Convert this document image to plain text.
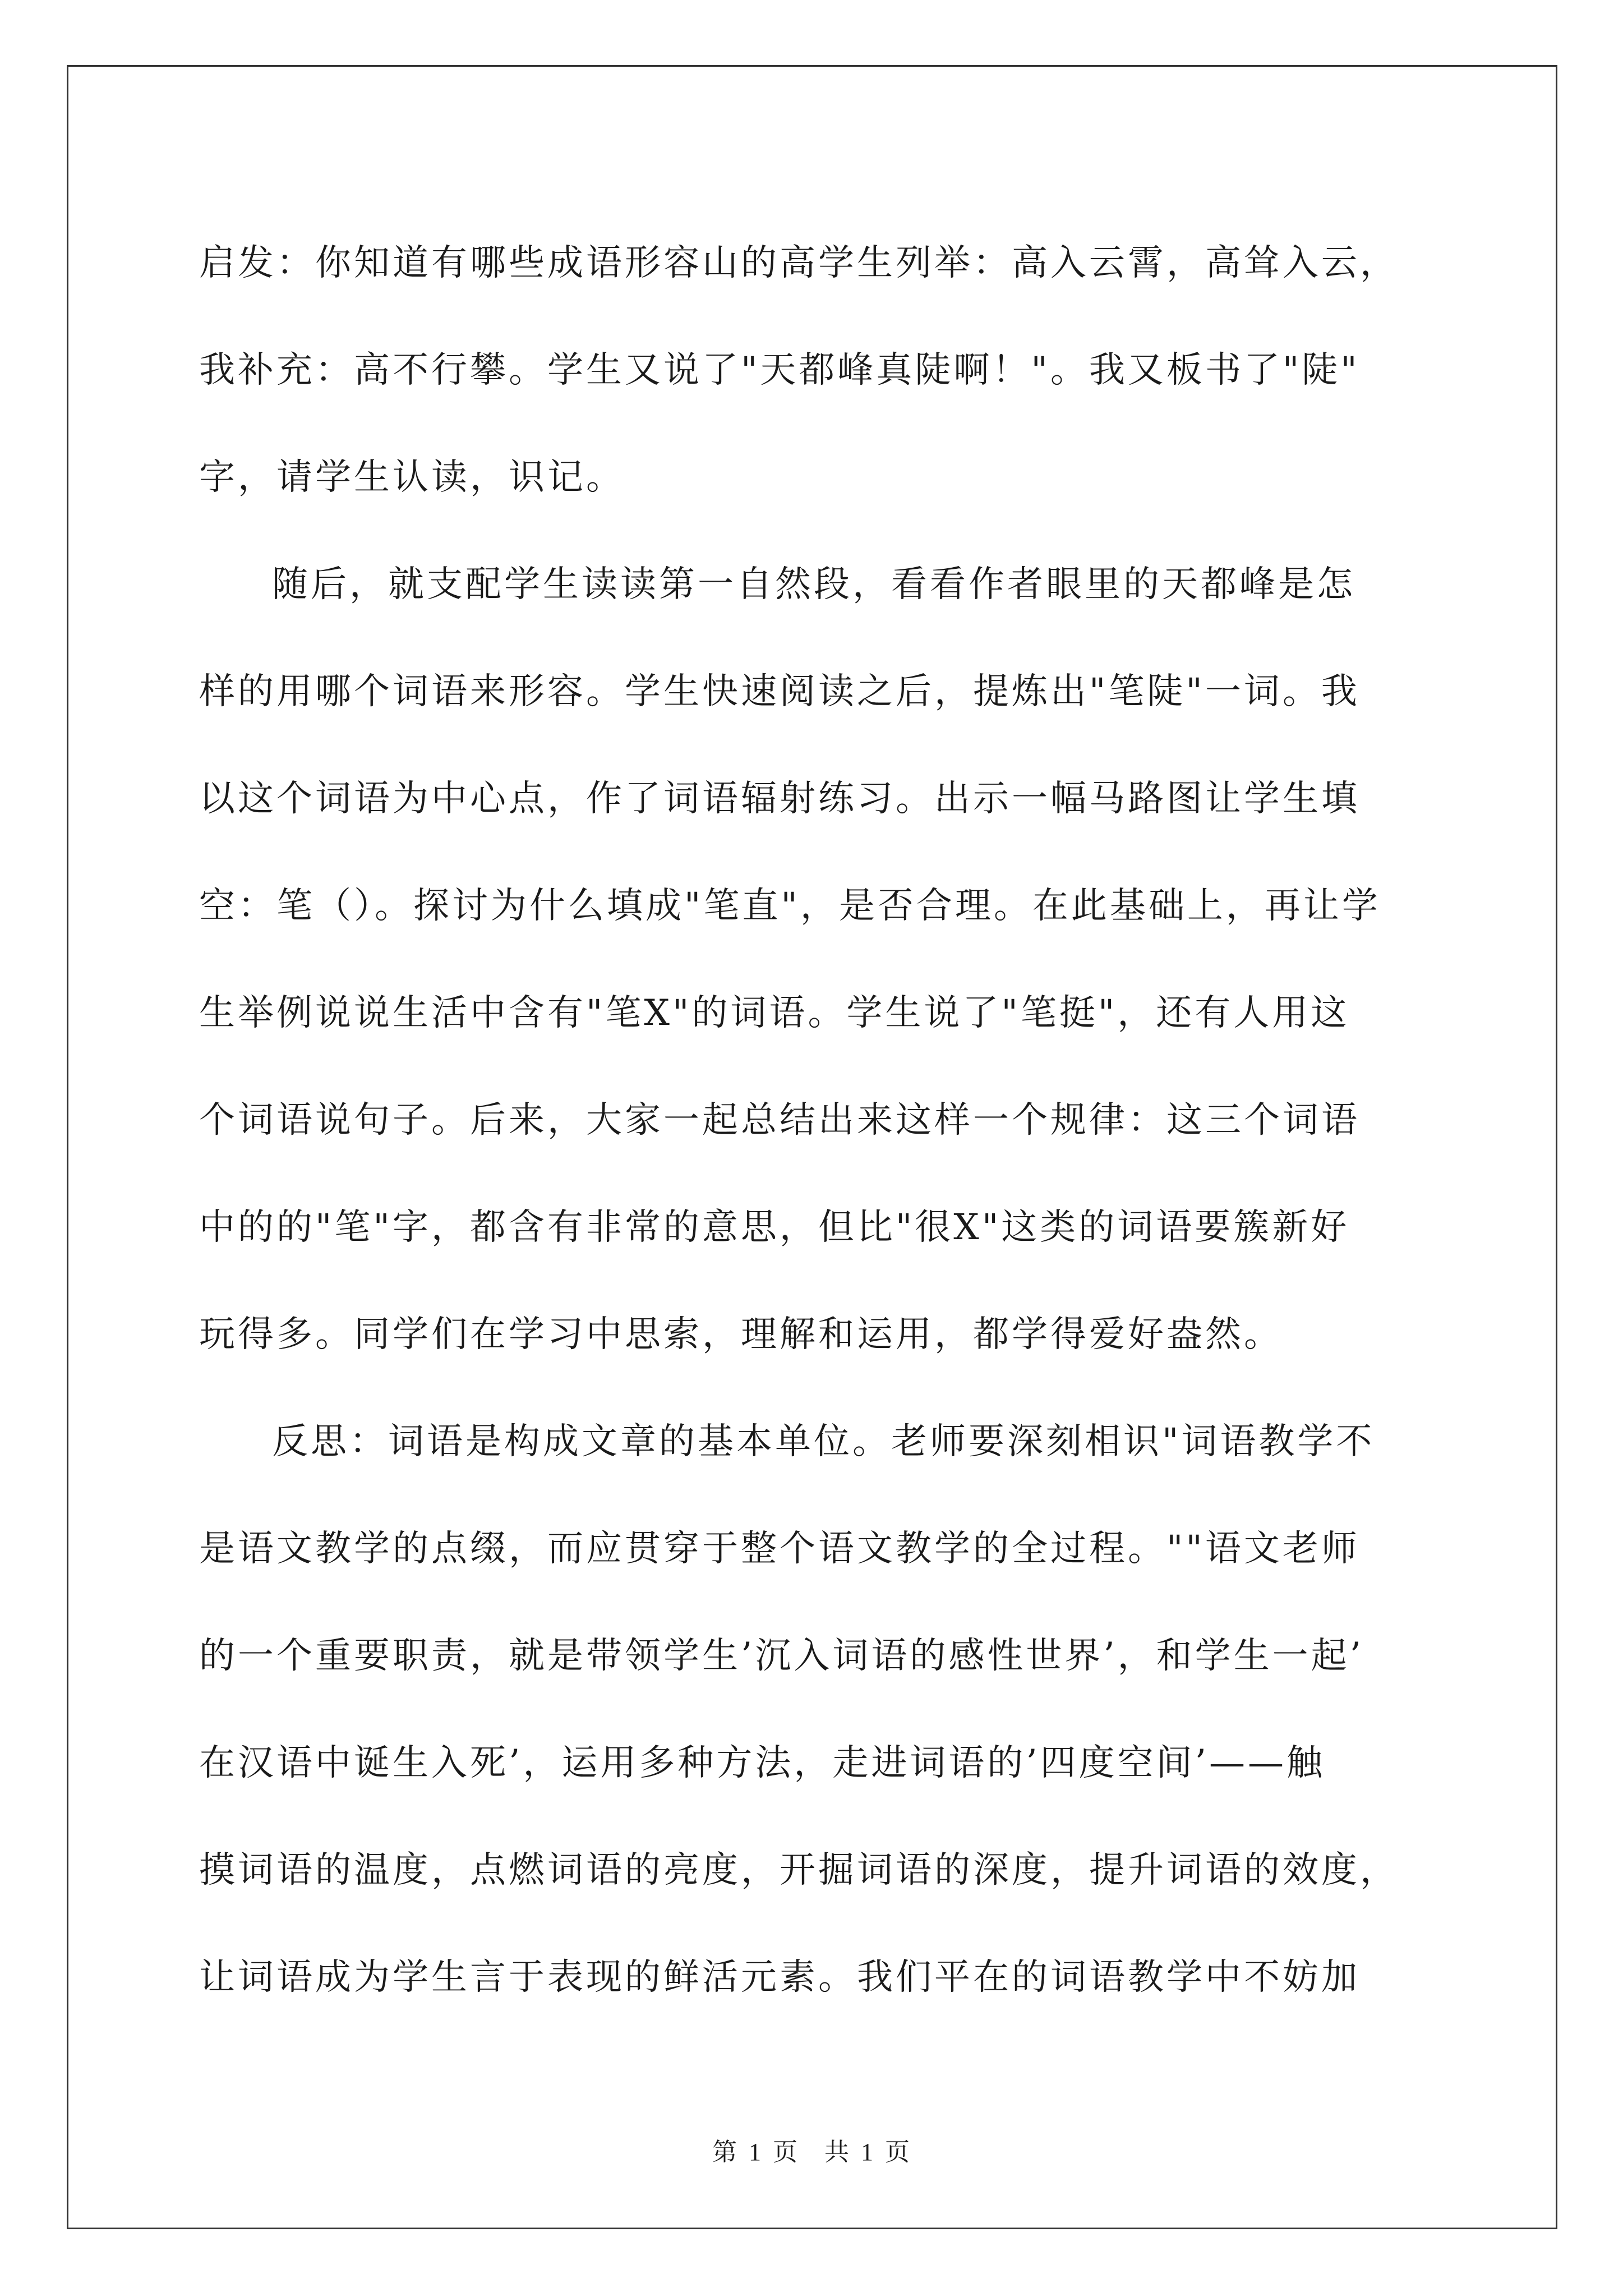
启发：你知道有哪些成语形容山的高学生列举：高入云霄，高耸入云，

我补充：高不行攀。学生又说了"天都峰真陡啊！"。我又板书了"陡"

字，请学生认读，识记。

随后，就支配学生读读第一自然段，看看作者眼里的天都峰是怎

样的用哪个词语来形容。学生快速阅读之后，提炼出"笔陡"一词。我

以这个词语为中心点，作了词语辐射练习。出示一幅马路图让学生填

空：笔（）。探讨为什么填成"笔直"，是否合理。在此基础上，再让学

生举例说说生活中含有"笔X"的词语。学生说了"笔挺"，还有人用这

个词语说句子。后来，大家一起总结出来这样一个规律：这三个词语

中的的"笔"字，都含有非常的意思，但比"很X"这类的词语要簇新好

玩得多。同学们在学习中思索，理解和运用，都学得爱好盎然。

反思：词语是构成文章的基本单位。老师要深刻相识"词语教学不

是语文教学的点缀，而应贯穿于整个语文教学的全过程。""语文老师

的一个重要职责，就是带领学生’沉入词语的感性世界’，和学生一起’

在汉语中诞生入死’，运用多种方法，走进词语的’四度空间’——触

摸词语的温度，点燃词语的亮度，开掘词语的深度，提升词语的效度，

让词语成为学生言于表现的鲜活元素。我们平在的词语教学中不妨加

第 1 页　共 1 页
